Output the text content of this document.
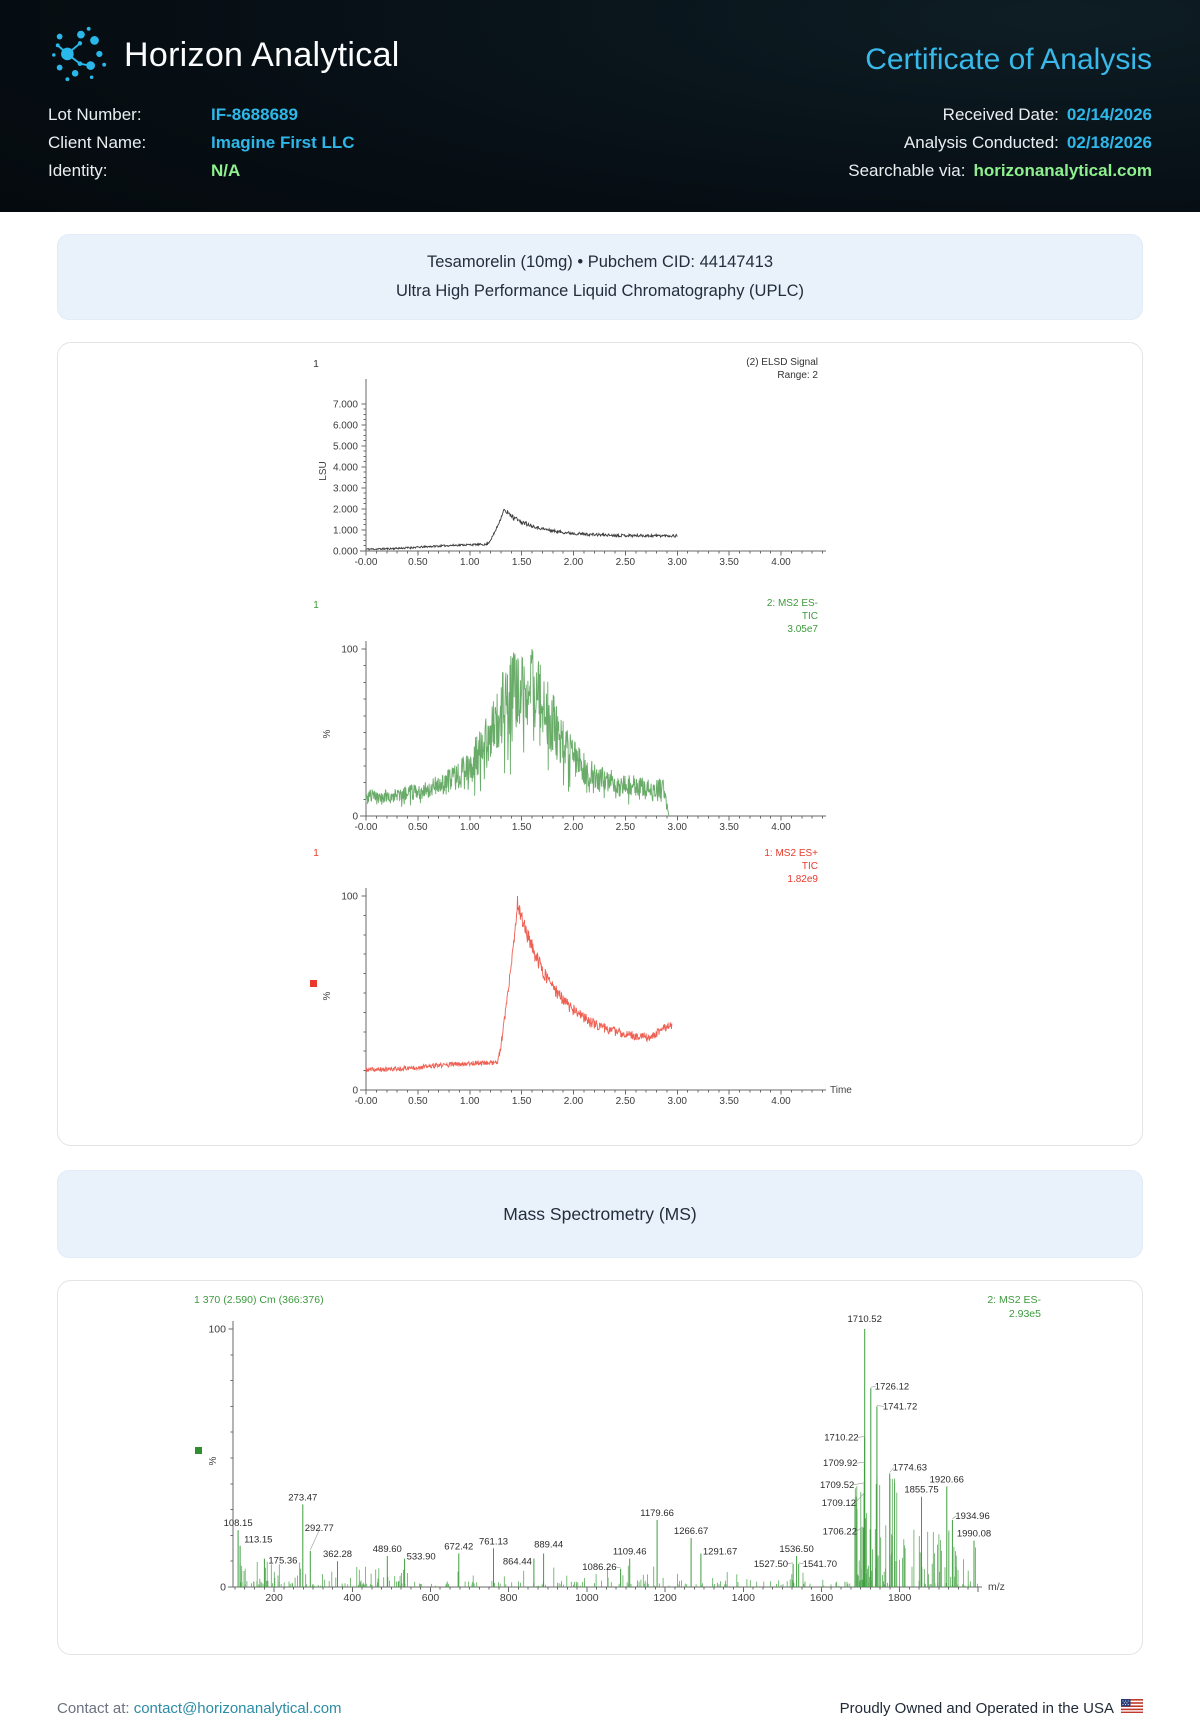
Horizon Analytical	Certificate of Analysis
Lot Number:	IF-8688689
Client Name:	Imagine First LLC
Identity:	N/A
Received Date: 02/14/2026
Analysis Conducted: 02/18/2026
Searchable via: horizonanalytical.com
Tesamorelin (10mg) • Pubchem CID: 44147413
Ultra High Performance Liquid Chromatography (UPLC)
1	(2) ELSD Signal
Range: 2
-0.00	0.50	1.00	1.50	2.00	2.50	3.00	3.50	4.00
0.000
1.000
2.000
3.000
4.000
5.000
6.000
7.000
LSU
1	2: MS2 ES-
TIC
3.05e7
-0.00	0.50	1.00	1.50	2.00	2.50	3.00	3.50	4.00
100
0
%
1	1: MS2 ES+
TIC
1.82e9
-0.00	0.50	1.00	1.50	2.00	2.50	3.00	3.50	4.00
100
0
%
Time
Mass Spectrometry (MS)
1 370 (2.590) Cm (366:376)	2: MS2 ES-
2.93e5
200	400	600	800	1000	1200	1400	1600	1800
100
0	m/z
%
108.15
113.15
175.36
273.47
292.77
362.28 489.60
533.90
672.42 761.13
864.44
889.44
1086.26
1109.46
1179.66
1266.67
1291.67
1527.50
1536.50
1541.70
1706.22
1709.12
1709.52
1709.92
1710.22
1710.52
1726.12
1741.72
1774.63
1855.75
1920.66
1934.96
1990.08
Contact at: contact@horizonanalytical.com	Proudly Owned and Operated in the USA
